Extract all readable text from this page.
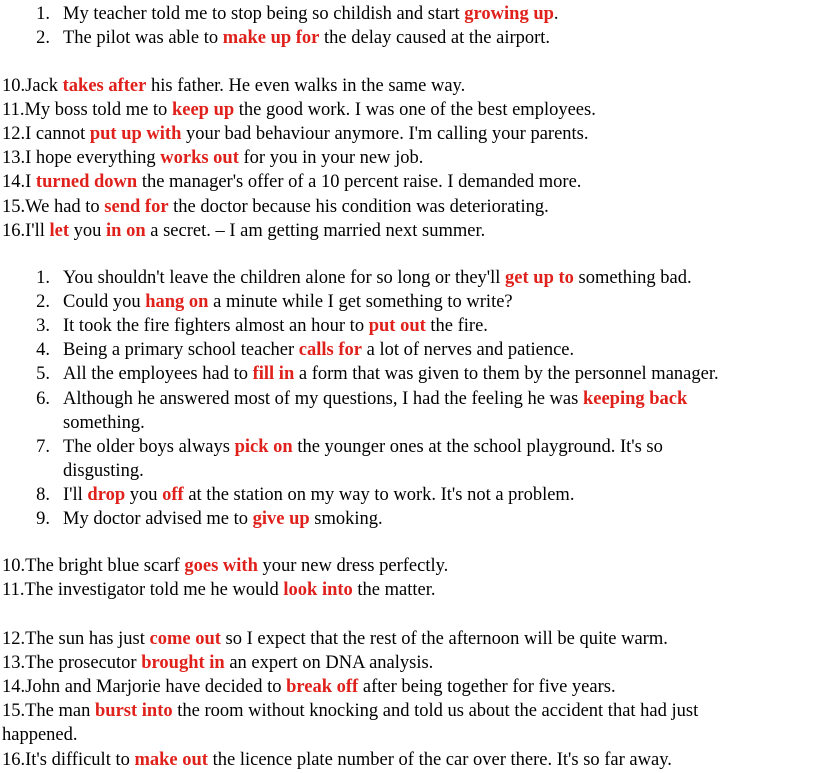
1. My teacher told me to stop being so childish and start growing up.
2. The pilot was able to make up for the delay caused at the airport.
10.Jack takes after his father. He even walks in the same way.
11.My boss told me to keep up the good work. I was one of the best employees.
12.I cannot put up with your bad behaviour anymore. I'm calling your parents.
13.I hope everything works out for you in your new job.
14.I turned down the manager's offer of a 10 percent raise. I demanded more.
15.We had to send for the doctor because his condition was deteriorating.
16.I'll let you in on a secret. – I am getting married next summer.
1. You shouldn't leave the children alone for so long or they'll get up to something bad.
2. Could you hang on a minute while I get something to write?
3. It took the fire fighters almost an hour to put out the fire.
4. Being a primary school teacher calls for a lot of nerves and patience.
5. All the employees had to fill in a form that was given to them by the personnel manager.
6. Although he answered most of my questions, I had the feeling he was keeping back
something.
7. The older boys always pick on the younger ones at the school playground. It's so
disgusting.
8. I'll drop you off at the station on my way to work. It's not a problem.
9. My doctor advised me to give up smoking.
10.The bright blue scarf goes with your new dress perfectly.
11.The investigator told me he would look into the matter.
12.The sun has just come out so I expect that the rest of the afternoon will be quite warm.
13.The prosecutor brought in an expert on DNA analysis.
14.John and Marjorie have decided to break off after being together for five years.
15.The man burst into the room without knocking and told us about the accident that had just
happened.
16.It's difficult to make out the licence plate number of the car over there. It's so far away.
